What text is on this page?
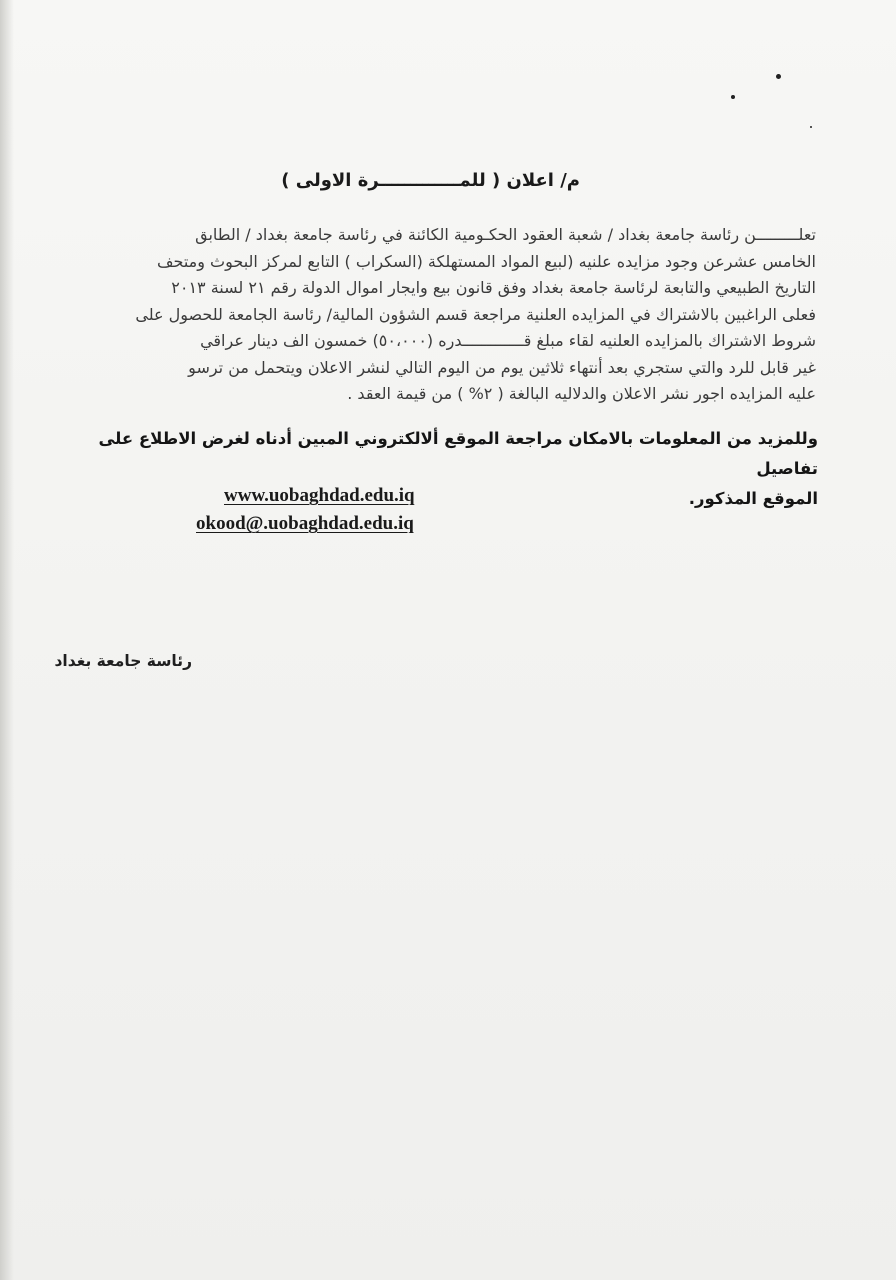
م/ اعلان ( للمـــــــــــــرة الاولى )
تعلـــــــــن رئاسة جامعة بغداد / شعبة العقود الحكـومية الكائنة في رئاسة جامعة بغداد / الطابق
الخامس عشرعن وجود مزايده علنيه (لبيع المواد المستهلكة (السكراب ) التابع لمركز البحوث ومتحف
التاريخ الطبيعي والتابعة لرئاسة جامعة بغداد وفق قانون بيع وايجار اموال الدولة رقم ٢١ لسنة ٢٠١٣
فعلى الراغبين بالاشتراك في المزايده العلنية مراجعة قسم الشؤون المالية/ رئاسة الجامعة للحصول على
شروط الاشتراك بالمزايده العلنيه لقاء مبلغ قـــــــــــــدره (٥٠،٠٠٠) خمسون الف دينار عراقي
غير قابل للرد والتي ستجري بعد أنتهاء ثلاثين يوم من اليوم التالي لنشر الاعلان ويتحمل من ترسو
عليه المزايده اجور نشر الاعلان والدلاليه البالغة ( ٢% ) من قيمة العقد .
وللمزيد من المعلومات بالامكان مراجعة الموقع ألالكتروني المبين أدناه لغرض الاطلاع على تفاصيل
الموقع المذكور.
www.uobaghdad.edu.iq
okood@.uobaghdad.edu.iq
رئاسة جامعة بغداد
